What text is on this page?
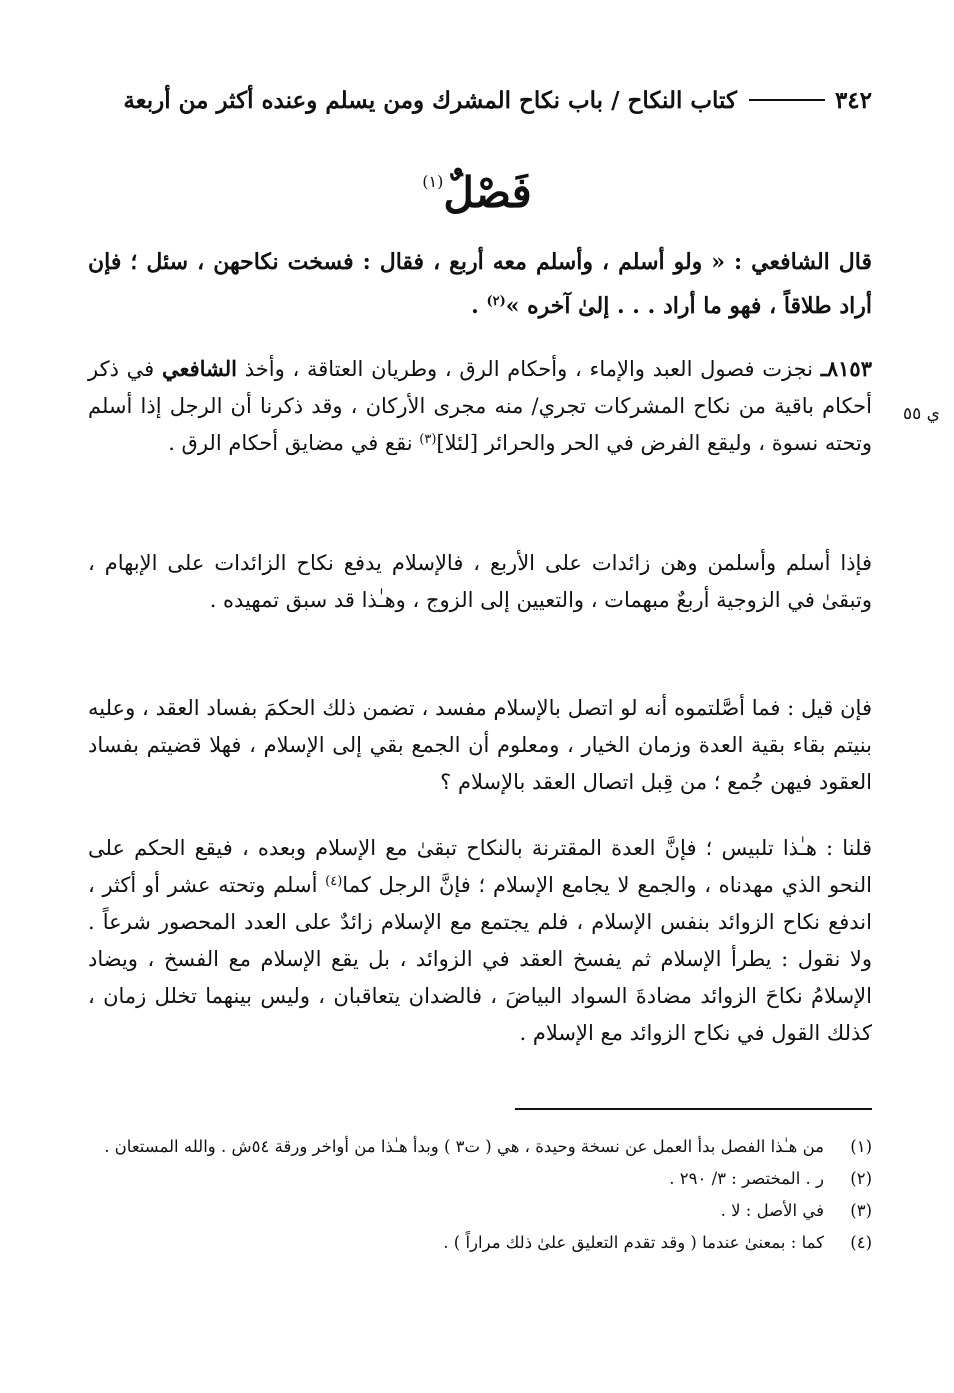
٣٤٢
كتاب النكاح / باب نكاح المشرك ومن يسلم وعنده أكثر من أربعة
فَصْلٌ$^{(١)}$

قال الشافعي : « ولو أسلم ، وأسلم معه أربع ، فقال : فسخت نكاحهن ، سئل ؛ فإن أراد طلاقاً ، فهو ما أراد . . . إلىٰ آخره »$^{(٢)}$ .

ي ٥٥

٨١٥٣ـ نجزت فصول العبد والإماء ، وأحكام الرق ، وطريان العتاقة ، وأخذ الشافعي في ذكر أحكام باقية من نكاح المشركات تجري/ منه مجرى الأركان ، وقد ذكرنا أن الرجل إذا أسلم وتحته نسوة ، وليقع الفرض في الحر والحرائر [لئلا]$^{(٣)}$ نقع في مضايق أحكام الرق .

فإذا أسلم وأسلمن وهن زائدات على الأربع ، فالإسلام يدفع نكاح الزائدات على الإبهام ، وتبقىٰ في الزوجية أربعٌ مبهمات ، والتعيين إلى الزوج ، وهـٰذا قد سبق تمهيده .

فإن قيل : فما أصَّلتموه أنه لو اتصل بالإسلام مفسد ، تضمن ذلك الحكمَ بفساد العقد ، وعليه بنيتم بقاء بقية العدة وزمان الخيار ، ومعلوم أن الجمع بقي إلى الإسلام ، فهلا قضيتم بفساد العقود فيهن جُمع ؛ من قِبل اتصال العقد بالإسلام ؟

قلنا : هـٰذا تلبيس ؛ فإنَّ العدة المقترنة بالنكاح تبقىٰ مع الإسلام وبعده ، فيقع الحكم على النحو الذي مهدناه ، والجمع لا يجامع الإسلام ؛ فإنَّ الرجل كما$^{(٤)}$ أسلم وتحته عشر أو أكثر ، اندفع نكاح الزوائد بنفس الإسلام ، فلم يجتمع مع الإسلام زائدٌ على العدد المحصور شرعاً . ولا نقول : يطرأ الإسلام ثم يفسخ العقد في الزوائد ، بل يقع الإسلام مع الفسخ ، ويضاد الإسلامُ نكاحَ الزوائد مضادةَ السواد البياضَ ، فالضدان يتعاقبان ، وليس بينهما تخلل زمان ، كذلك القول في نكاح الزوائد مع الإسلام .

(١)
من هـٰذا الفصل بدأ العمل عن نسخة وحيدة ، هي ( ت٣ ) وبدأ هـٰذا من أواخر ورقة ٥٤ش . والله المستعان .
(٢)
ر . المختصر : ٣/ ٢٩٠ .
(٣)
في الأصل : لا .
(٤)
كما : بمعنىٰ عندما ( وقد تقدم التعليق علىٰ ذلك مراراً ) .
